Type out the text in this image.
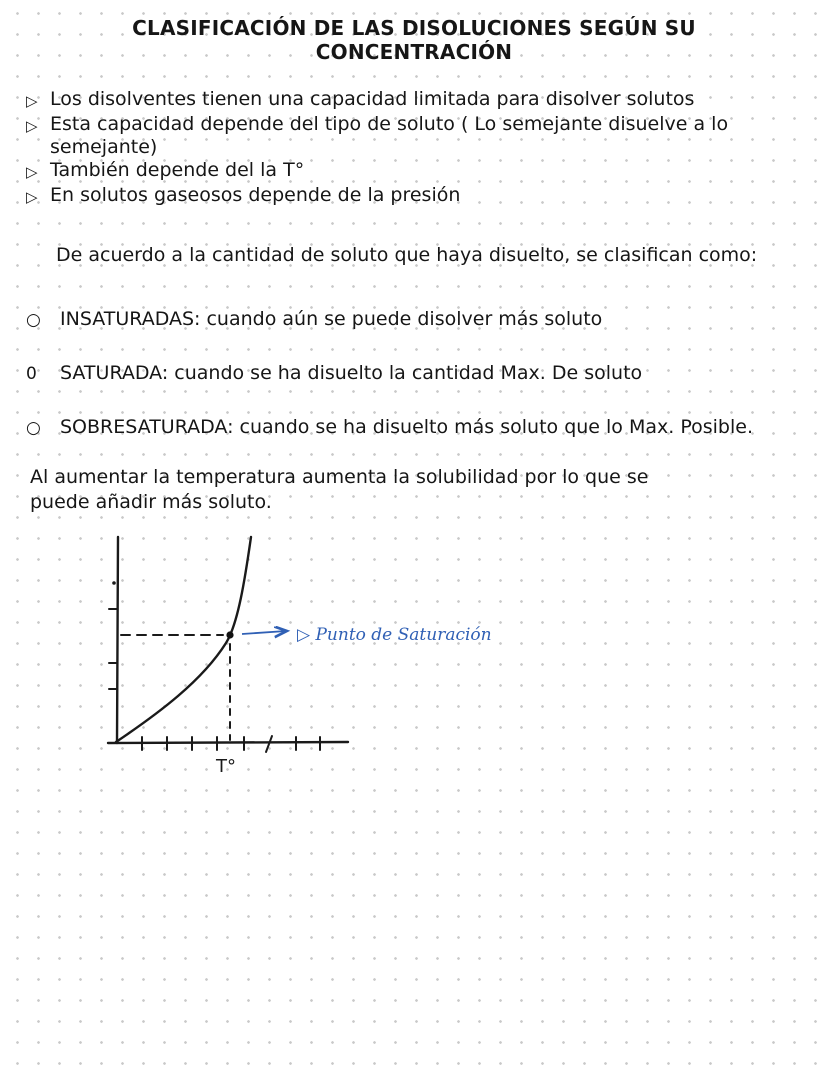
CLASIFICACIÓN DE LAS DISOLUCIONES SEGÚN SU
CONCENTRACIÓN
▷ Los disolventes tienen una capacidad limitada para disolver solutos
▷ Esta capacidad depende del tipo de soluto ( Lo semejante disuelve a lo semejante)
▷ También depende del la T°
▷ En solutos gaseosos depende de la presión
De acuerdo a la cantidad de soluto que haya disuelto, se clasifican como:
○	INSATURADAS: cuando aún se puede disolver más soluto
0	SATURADA: cuando se ha disuelto la cantidad Max. De soluto
○	SOBRESATURADA: cuando se ha disuelto más soluto que lo Max. Posible.
Al aumentar la temperatura aumenta la solubilidad por lo que se puede añadir más soluto.
▷ Punto de Saturación
T°
